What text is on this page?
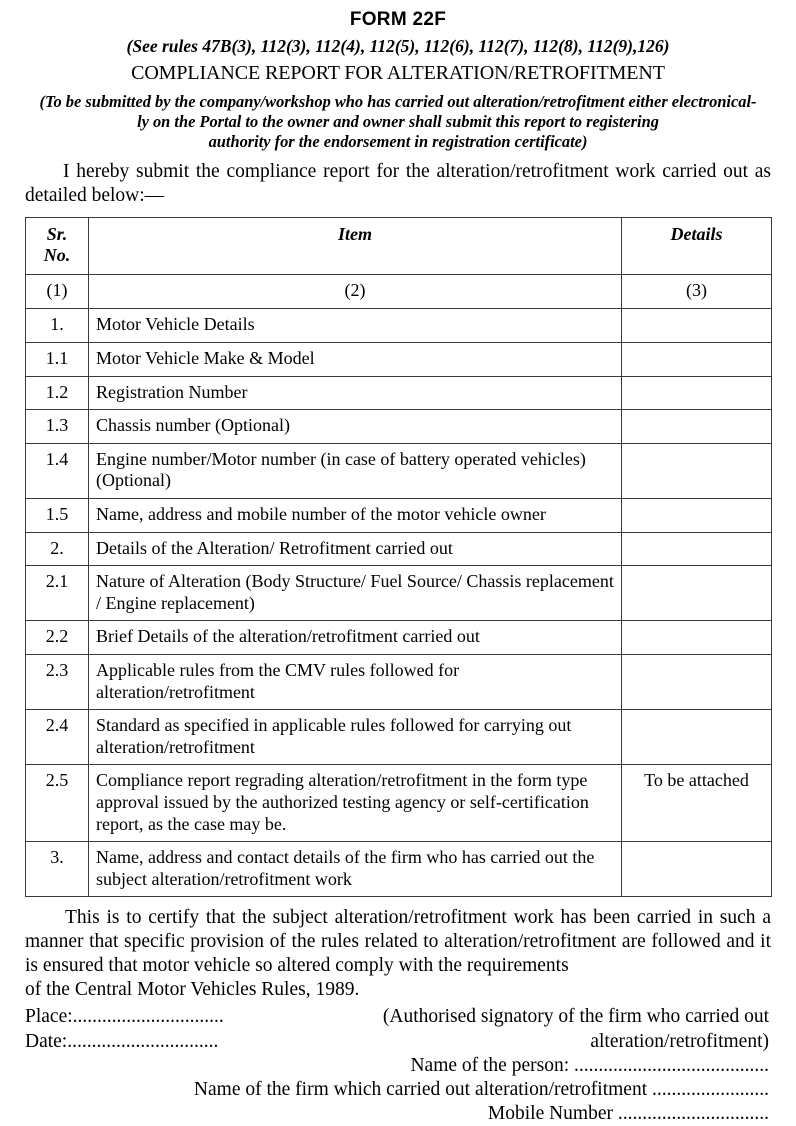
FORM 22F
(See rules 47B(3), 112(3), 112(4), 112(5), 112(6), 112(7), 112(8), 112(9),126)
COMPLIANCE REPORT FOR ALTERATION/RETROFITMENT
(To be submitted by the company/workshop who has carried out alteration/retrofitment either electronical-
ly on the Portal to the owner and owner shall submit this report to registering
authority for the endorsement in registration certificate)
I hereby submit the compliance report for the alteration/retrofitment work carried out as detailed below:—
Sr. No.	Item	Details
(1)	(2)	(3)
1.	Motor Vehicle Details	
1.1	Motor Vehicle Make & Model	
1.2	Registration Number	
1.3	Chassis number (Optional)	
1.4	Engine number/Motor number (in case of battery operated vehicles) (Optional)	
1.5	Name, address and mobile number of the motor vehicle owner	
2.	Details of the Alteration/ Retrofitment carried out	
2.1	Nature of Alteration (Body Structure/ Fuel Source/ Chassis replacement / Engine replacement)	
2.2	Brief Details of the alteration/retrofitment carried out	
2.3	Applicable rules from the CMV rules followed for alteration/retrofitment	
2.4	Standard as specified in applicable rules followed for carrying out alteration/retrofitment	
2.5	Compliance report regrading alteration/retrofitment in the form type approval issued by the authorized testing agency or self-certification report, as the case may be.	To be attached
3.	Name, address and contact details of the firm who has carried out the subject alteration/retrofitment work	
This is to certify that the subject alteration/retrofitment work has been carried in such a manner that specific provision of the rules related to alteration/retrofitment are followed and it is ensured that motor vehicle so altered comply with the requirements
of the Central Motor Vehicles Rules, 1989.
Place:...............................
Date:...............................
(Authorised signatory of the firm who carried out
alteration/retrofitment)
Name of the person: ........................................
Name of the firm which carried out alteration/retrofitment ........................
Mobile Number ...............................
